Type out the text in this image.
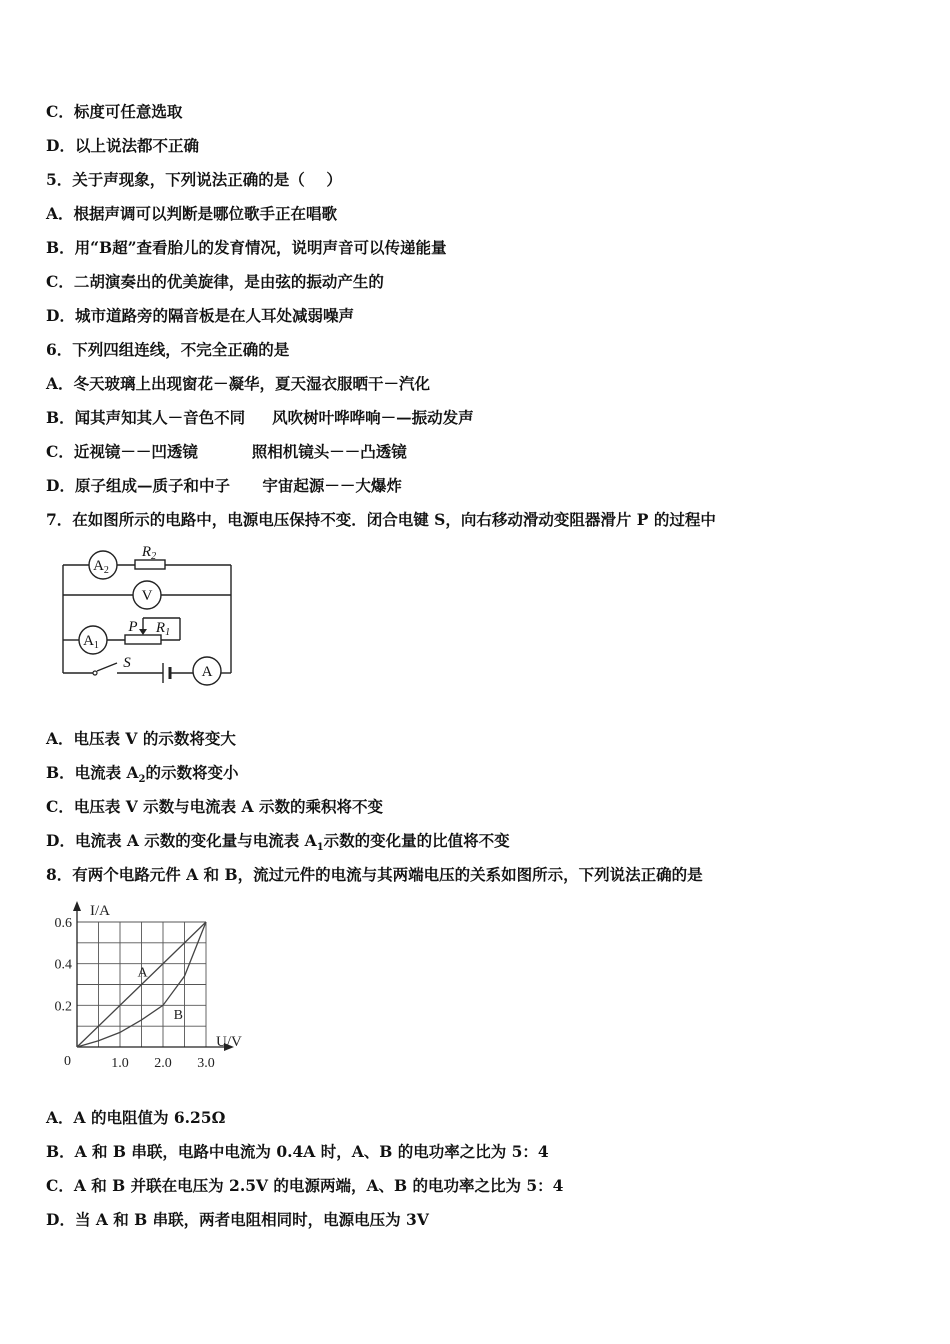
C．标度可任意选取
D．以上说法都不正确
5．关于声现象，下列说法正确的是（    ）
A．根据声调可以判断是哪位歌手正在唱歌
B．用“B超”查看胎儿的发育情况，说明声音可以传递能量
C．二胡演奏出的优美旋律，是由弦的振动产生的
D．城市道路旁的隔音板是在人耳处减弱噪声
6．下列四组连线，不完全正确的是
A．冬天玻璃上出现窗花－凝华，夏天湿衣服晒干－汽化
B．闻其声知其人－音色不同     风吹树叶哗哗响－—振动发声
C．近视镜－－凹透镜          照相机镜头－－凸透镜
D．原子组成—质子和中子      宇宙起源－－大爆炸
7．在如图所示的电路中，电源电压保持不变．闭合电键 S，向右移动滑动变阻器滑片 P 的过程中
$A_2$
$R_2$
V
$A_1$
P $R_1$
S
A
A．电压表 V 的示数将变大
B．电流表 $A_2$的示数将变小
C．电压表 V 示数与电流表 A 示数的乘积将不变
D．电流表 A 示数的变化量与电流表 $A_1$示数的变化量的比值将不变
8．有两个电路元件 A 和 B，流过元件的电流与其两端电压的关系如图所示，下列说法正确的是
A
B
1.0 2.0 3.0
0.6
0.4
0.2
I/A
U/V
0
A．A 的电阻值为 6.25Ω
B．A 和 B 串联，电路中电流为 0.4A 时，A、B 的电功率之比为 5：4
C．A 和 B 并联在电压为 2.5V 的电源两端，A、B 的电功率之比为 5：4
D．当 A 和 B 串联，两者电阻相同时，电源电压为 3V
